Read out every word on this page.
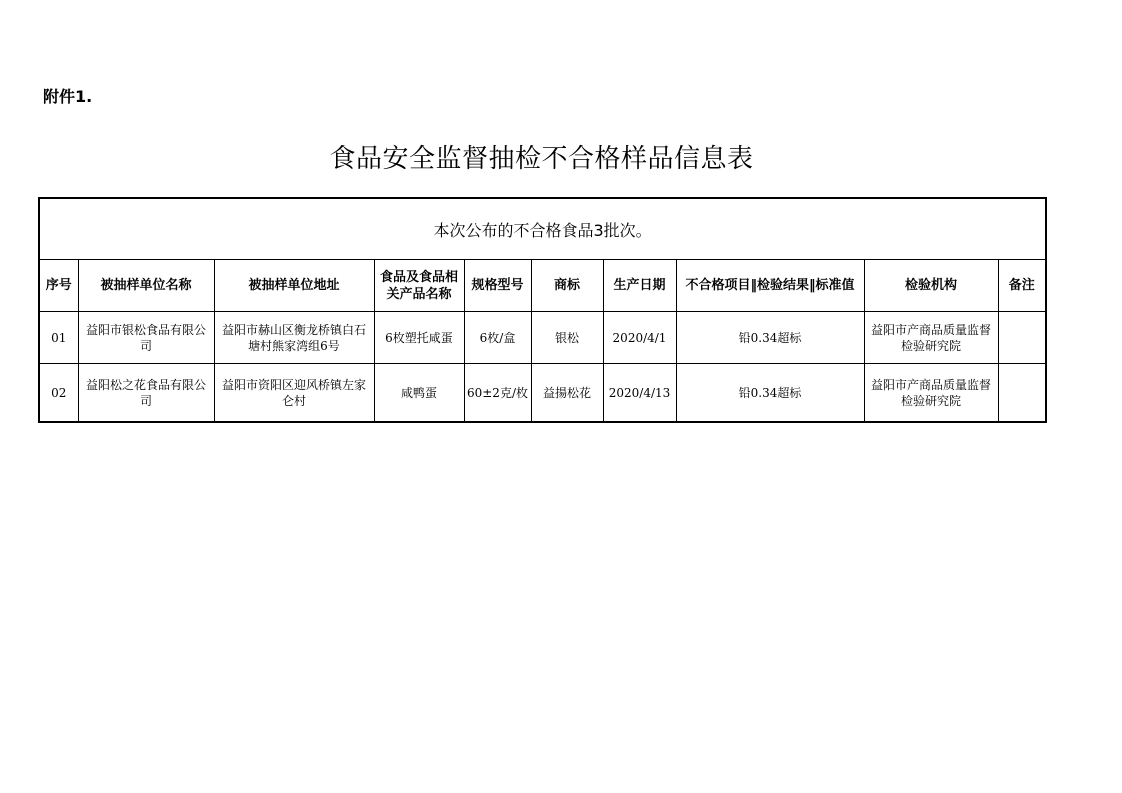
附件1.
食品安全监督抽检不合格样品信息表
本次公布的不合格食品3批次。									
序号	被抽样单位名称	被抽样单位地址	食品及食品相关产品名称	规格型号	商标	生产日期	不合格项目‖检验结果‖标准值	检验机构	备注
01	益阳市银松食品有限公司	益阳市赫山区衡龙桥镇白石塘村熊家湾组6号	6枚塑托咸蛋	6枚/盒	银松	2020/4/1	铅0.34超标	益阳市产商品质量监督检验研究院	
02	益阳松之花食品有限公司	益阳市资阳区迎风桥镇左家仑村	咸鸭蛋	60±2克/枚	益揚松花	2020/4/13	铅0.34超标	益阳市产商品质量监督检验研究院	
